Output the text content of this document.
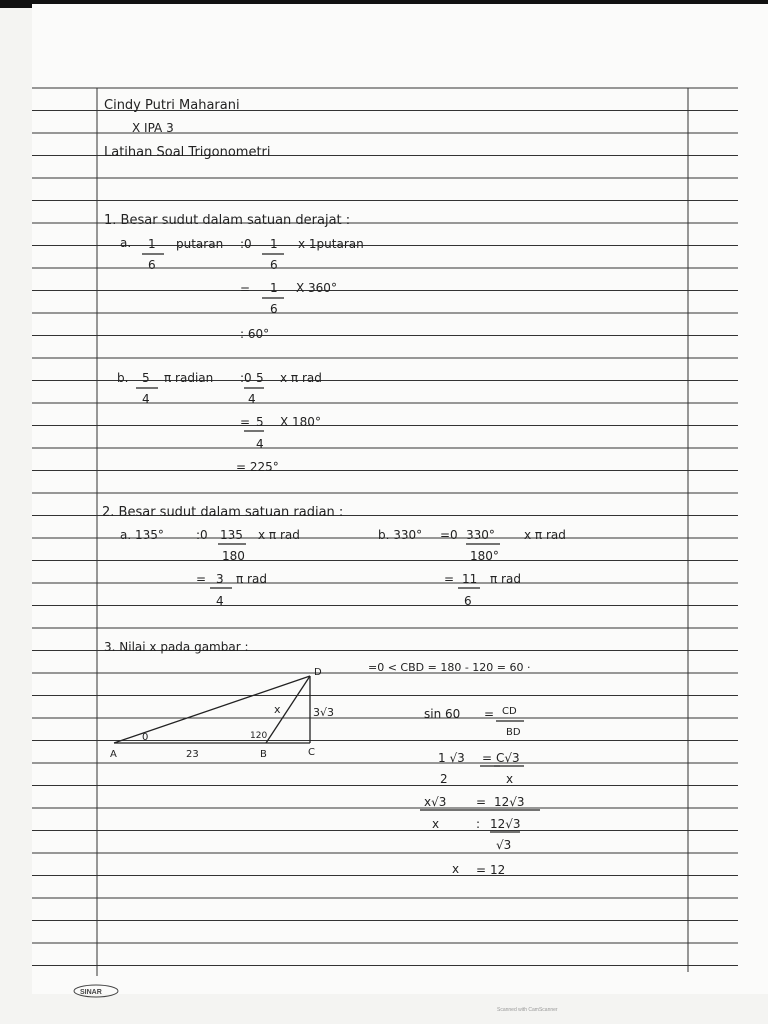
SINAR
Scanned with CamScanner
Cindy Putri Maharani
X IPA 3
Latihan Soal Trigonometri
1. Besar sudut dalam satuan derajat :
a. 1
6
putaran :0 1
6
x 1putaran
= 1
6
X 360°
: 60°
b. 5
4
π radian :0 5
4
x π rad
= 5
4
X 180°
= 225°
2. Besar sudut dalam satuan radian :
a. 135°	:0 135
180
x π rad
= 3
4
π rad
b. 330° =0 330°
180°
x π rad
= 11
6
π rad
3. Nilai x pada gambar :
=0 < CBD = 180 - 120 = 60 ·
A	B	C
D
x
0
23
120
3√3	sin 60 = CD
BD
1 √3
2
= C√3
x
x√3 = 12√3
x	: 12√3
√3
x = 12
